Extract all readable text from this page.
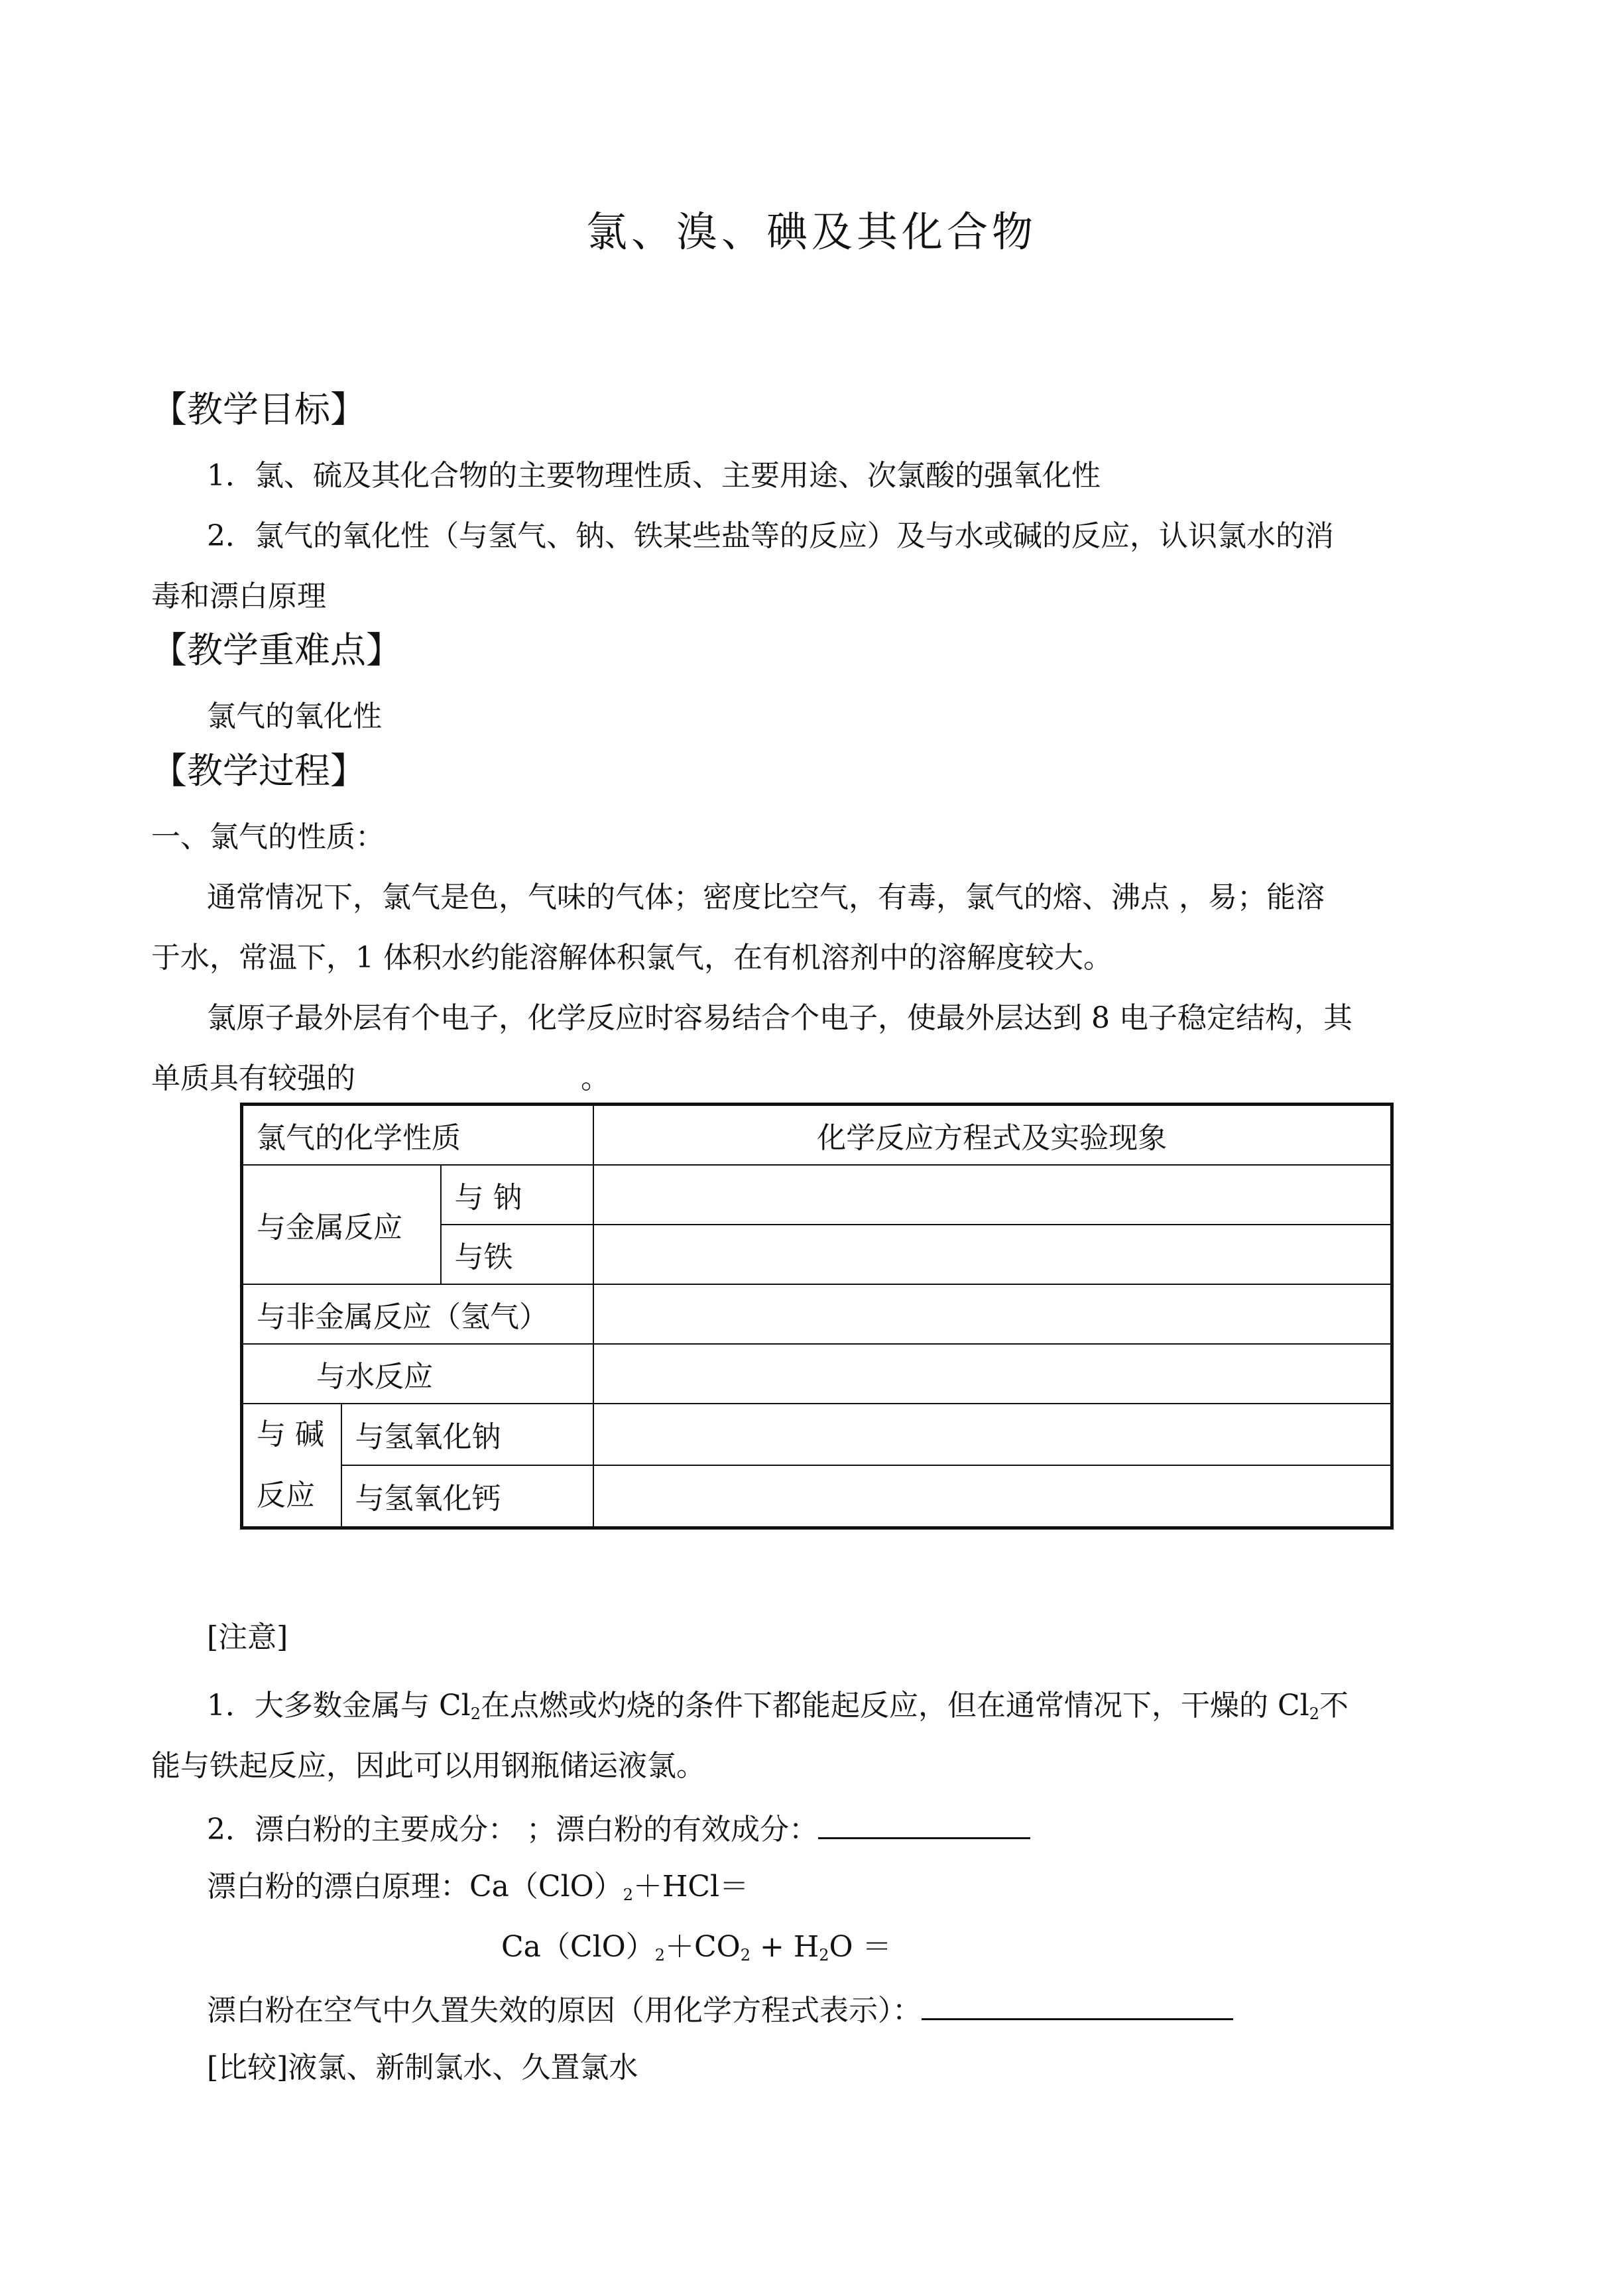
氯、溴、碘及其化合物
【教学目标】
1．氯、硫及其化合物的主要物理性质、主要用途、次氯酸的强氧化性
2．氯气的氧化性（与氢气、钠、铁某些盐等的反应）及与水或碱的反应，认识氯水的消
毒和漂白原理
【教学重难点】
氯气的氧化性
【教学过程】
一、氯气的性质：
通常情况下，氯气是色，气味的气体；密度比空气，有毒，氯气的熔、沸点 ，易；能溶
于水，常温下，1 体积水约能溶解体积氯气，在有机溶剂中的溶解度较大。
氯原子最外层有个电子，化学反应时容易结合个电子，使最外层达到 8 电子稳定结构，其
单质具有较强的	。
氯气的化学性质			化学反应方程式及实验现象
与金属反应		与 钠	
		与铁	
与非金属反应（氢气）			
与水反应			

与 碱
反应	与氢氧化钠		
	与氢氧化钙		
[注意]
1．大多数金属与 $Cl_2$在点燃或灼烧的条件下都能起反应，但在通常情况下，干燥的 $Cl_2$不
能与铁起反应，因此可以用钢瓶储运液氯。
2．漂白粉的主要成分： ；漂白粉的有效成分：
漂白粉的漂白原理：$Ca(ClO)_2+HCl=$
$Ca(ClO)_2+CO_2 + H_2O$ ＝
漂白粉在空气中久置失效的原因（用化学方程式表示）：
[比较]液氯、新制氯水、久置氯水
